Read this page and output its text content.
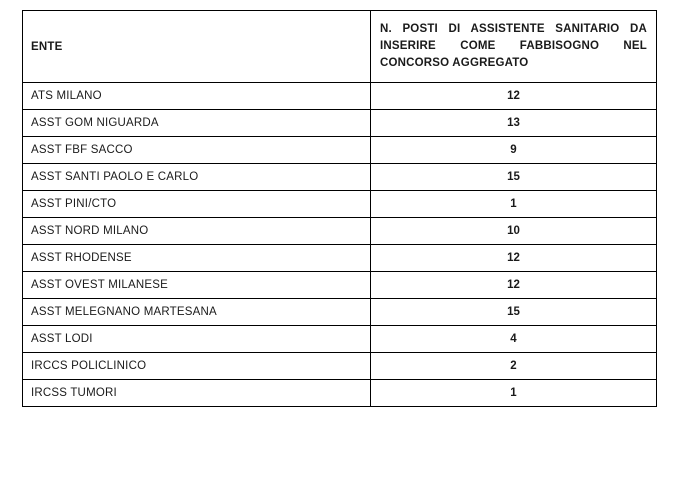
ENTE	N. POSTI DI ASSISTENTE SANITARIO DA
INSERIRE COME FABBISOGNO NEL
CONCORSO AGGREGATO

ATS MILANO	12
ASST GOM NIGUARDA	13
ASST FBF SACCO	9
ASST SANTI PAOLO E CARLO	15
ASST PINI/CTO	1
ASST NORD MILANO	10
ASST RHODENSE	12
ASST OVEST MILANESE	12
ASST MELEGNANO MARTESANA	15
ASST LODI	4
IRCCS POLICLINICO	2
IRCSS TUMORI	1
